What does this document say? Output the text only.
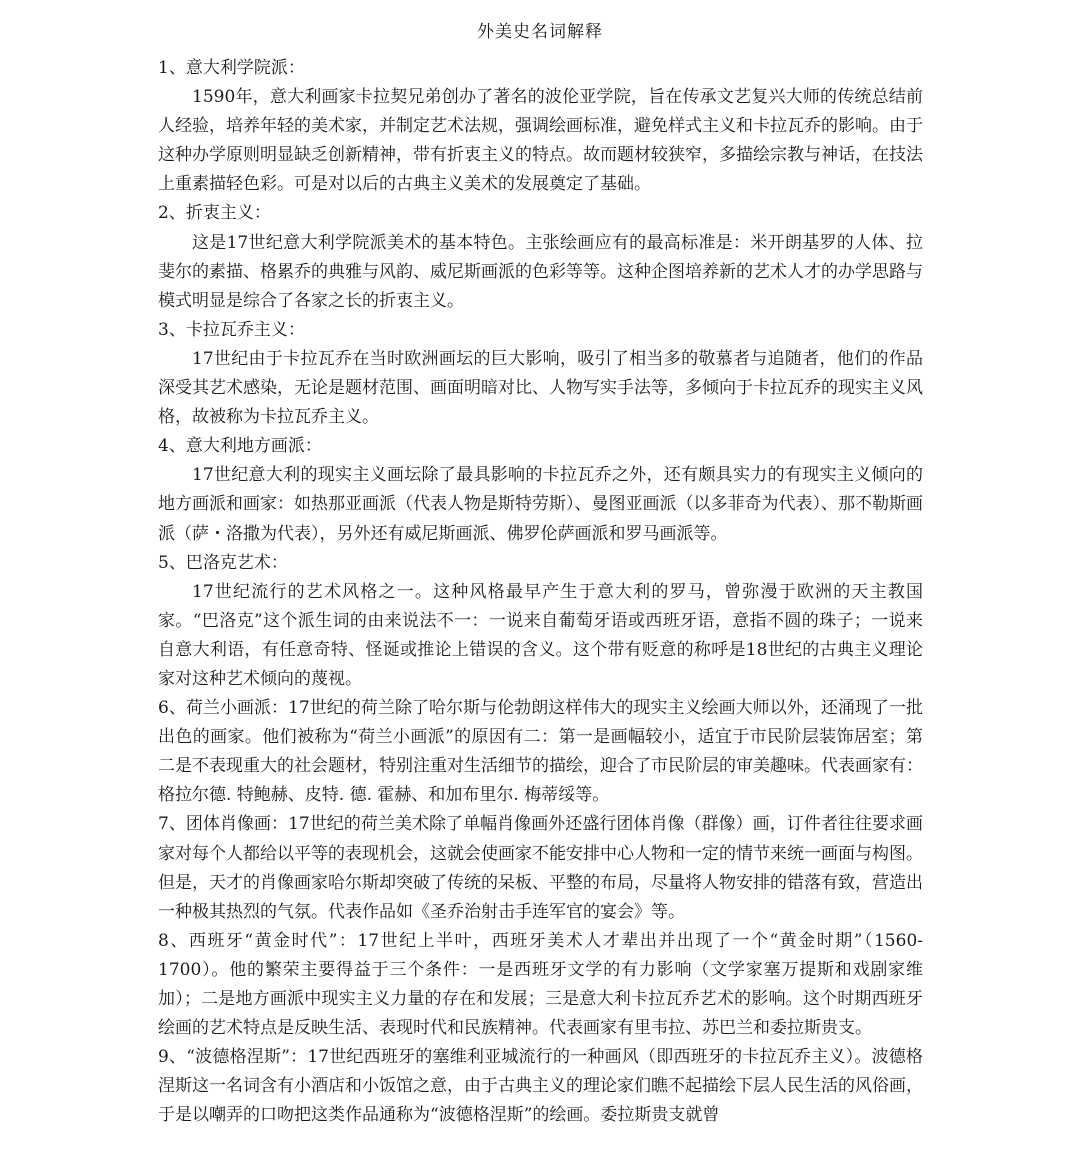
外美史名词解释

1、意大利学院派：

1590年，意大利画家卡拉契兄弟创办了著名的波伦亚学院，旨在传承文艺复兴大师的传统总结前人经验，培养年轻的美术家，并制定艺术法规，强调绘画标准，避免样式主义和卡拉瓦乔的影响。由于这种办学原则明显缺乏创新精神，带有折衷主义的特点。故而题材较狭窄，多描绘宗教与神话，在技法上重素描轻色彩。可是对以后的古典主义美术的发展奠定了基础。

2、折衷主义：

这是17世纪意大利学院派美术的基本特色。主张绘画应有的最高标准是：米开朗基罗的人体、拉斐尔的素描、格累乔的典雅与风韵、威尼斯画派的色彩等等。这种企图培养新的艺术人才的办学思路与模式明显是综合了各家之长的折衷主义。

3、卡拉瓦乔主义：

17世纪由于卡拉瓦乔在当时欧洲画坛的巨大影响，吸引了相当多的敬慕者与追随者，他们的作品深受其艺术感染，无论是题材范围、画面明暗对比、人物写实手法等，多倾向于卡拉瓦乔的现实主义风格，故被称为卡拉瓦乔主义。

4、意大利地方画派：

17世纪意大利的现实主义画坛除了最具影响的卡拉瓦乔之外，还有颇具实力的有现实主义倾向的地方画派和画家：如热那亚画派（代表人物是斯特劳斯）、曼图亚画派（以多菲奇为代表）、那不勒斯画派（萨・洛撒为代表），另外还有威尼斯画派、佛罗伦萨画派和罗马画派等。

5、巴洛克艺术：

17世纪流行的艺术风格之一。这种风格最早产生于意大利的罗马，曾弥漫于欧洲的天主教国家。“巴洛克”这个派生词的由来说法不一：一说来自葡萄牙语或西班牙语，意指不圆的珠子；一说来自意大利语，有任意奇特、怪诞或推论上错误的含义。这个带有贬意的称呼是18世纪的古典主义理论家对这种艺术倾向的蔑视。

6、荷兰小画派：17世纪的荷兰除了哈尔斯与伦勃朗这样伟大的现实主义绘画大师以外，还涌现了一批出色的画家。他们被称为“荷兰小画派”的原因有二：第一是画幅较小，适宜于市民阶层装饰居室；第二是不表现重大的社会题材，特别注重对生活细节的描绘，迎合了市民阶层的审美趣味。代表画家有：格拉尔德. 特鲍赫、皮特. 德. 霍赫、和加布里尔. 梅蒂绥等。

7、团体肖像画：17世纪的荷兰美术除了单幅肖像画外还盛行团体肖像（群像）画，订件者往往要求画家对每个人都给以平等的表现机会，这就会使画家不能安排中心人物和一定的情节来统一画面与构图。但是，天才的肖像画家哈尔斯却突破了传统的呆板、平整的布局，尽量将人物安排的错落有致，营造出一种极其热烈的气氛。代表作品如《圣乔治射击手连军官的宴会》等。

8、西班牙“黄金时代”：17世纪上半叶，西班牙美术人才辈出并出现了一个“黄金时期”（1560-1700）。他的繁荣主要得益于三个条件：一是西班牙文学的有力影响（文学家塞万提斯和戏剧家维加）；二是地方画派中现实主义力量的存在和发展；三是意大利卡拉瓦乔艺术的影响。这个时期西班牙绘画的艺术特点是反映生活、表现时代和民族精神。代表画家有里韦拉、苏巴兰和委拉斯贵支。

9、“波德格涅斯”：17世纪西班牙的塞维利亚城流行的一种画风（即西班牙的卡拉瓦乔主义）。波德格涅斯这一名词含有小酒店和小饭馆之意，由于古典主义的理论家们瞧不起描绘下层人民生活的风俗画，于是以嘲弄的口吻把这类作品通称为“波德格涅斯”的绘画。委拉斯贵支就曾
